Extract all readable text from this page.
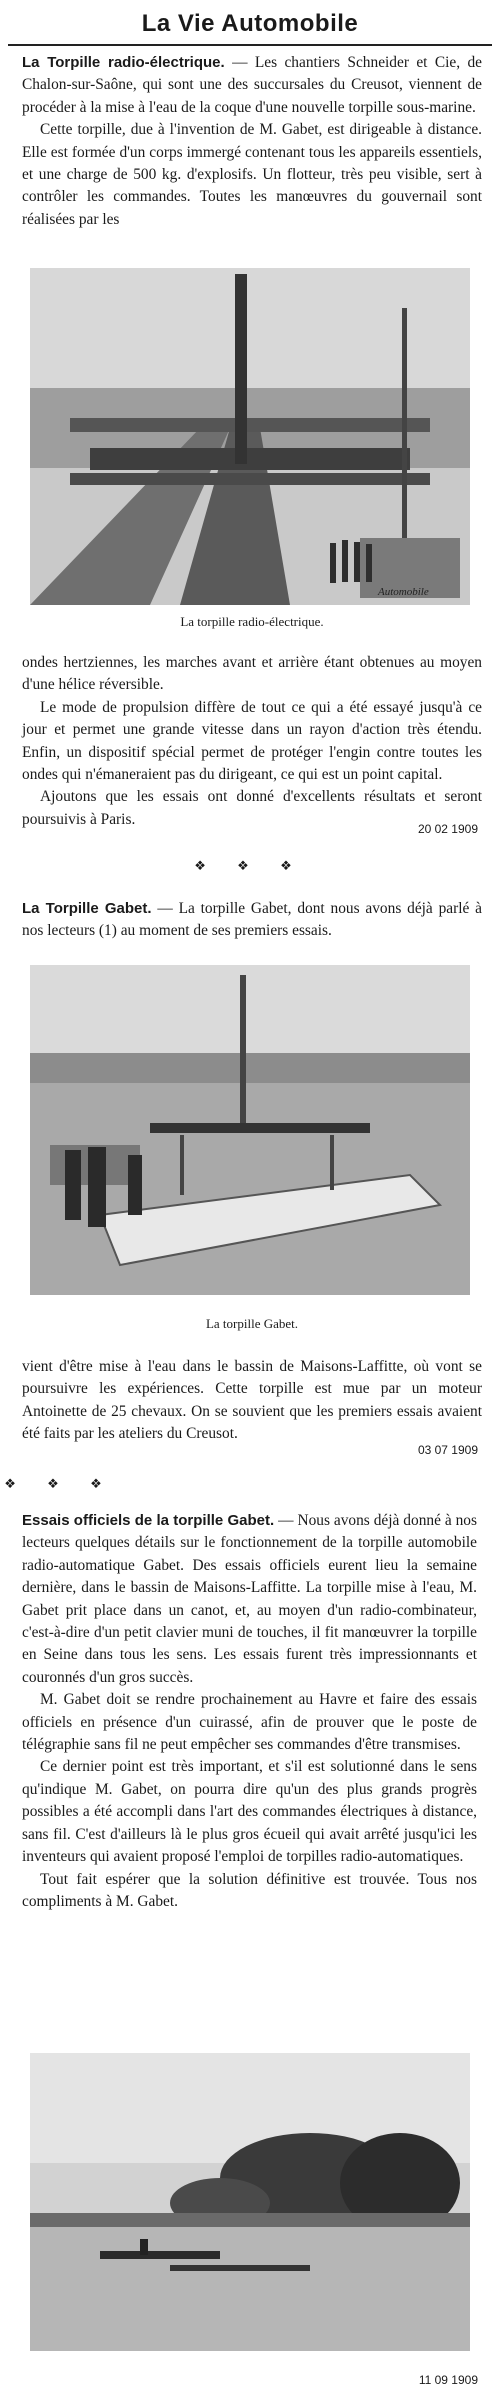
La Vie Automobile

La Torpille radio-électrique. — Les chantiers Schneider et Cie, de Chalon-sur-Saône, qui sont une des succursales du Creusot, viennent de procéder à la mise à l'eau de la coque d'une nouvelle torpille sous-marine.

Cette torpille, due à l'invention de M. Gabet, est dirigeable à distance. Elle est formée d'un corps immergé contenant tous les appareils essentiels, et une charge de 500 kg. d'explosifs. Un flotteur, très peu visible, sert à contrôler les commandes. Toutes les manœuvres du gouvernail sont réalisées par les

Automobile
La torpille radio-électrique.

ondes hertziennes, les marches avant et arrière étant obtenues au moyen d'une hélice réversible.

Le mode de propulsion diffère de tout ce qui a été essayé jusqu'à ce jour et permet une grande vitesse dans un rayon d'action très étendu. Enfin, un dispositif spécial permet de protéger l'engin contre toutes les ondes qui n'émaneraient pas du dirigeant, ce qui est un point capital.

Ajoutons que les essais ont donné d'excellents résultats et seront poursuivis à Paris.

20 02 1909
❖ ❖ ❖

La Torpille Gabet. — La torpille Gabet, dont nous avons déjà parlé à nos lecteurs (1) au moment de ses premiers essais.

La torpille Gabet.

vient d'être mise à l'eau dans le bassin de Maisons-Laffitte, où vont se poursuivre les expériences. Cette torpille est mue par un moteur Antoinette de 25 chevaux. On se souvient que les premiers essais avaient été faits par les ateliers du Creusot.

03 07 1909
❖ ❖ ❖

Essais officiels de la torpille Gabet. — Nous avons déjà donné à nos lecteurs quelques détails sur le fonctionnement de la torpille automobile radio-automatique Gabet. Des essais officiels eurent lieu la semaine dernière, dans le bassin de Maisons-Laffitte. La torpille mise à l'eau, M. Gabet prit place dans un canot, et, au moyen d'un radio-combinateur, c'est-à-dire d'un petit clavier muni de touches, il fit manœuvrer la torpille en Seine dans tous les sens. Les essais furent très impressionnants et couronnés d'un gros succès.

M. Gabet doit se rendre prochainement au Havre et faire des essais officiels en présence d'un cuirassé, afin de prouver que le poste de télégraphie sans fil ne peut empêcher ses commandes d'être transmises.

Ce dernier point est très important, et s'il est solutionné dans le sens qu'indique M. Gabet, on pourra dire qu'un des plus grands progrès possibles a été accompli dans l'art des commandes électriques à distance, sans fil. C'est d'ailleurs là le plus gros écueil qui avait arrêté jusqu'ici les inventeurs qui avaient proposé l'emploi de torpilles radio-automatiques.

Tout fait espérer que la solution définitive est trouvée. Tous nos compliments à M. Gabet.

11 09 1909
